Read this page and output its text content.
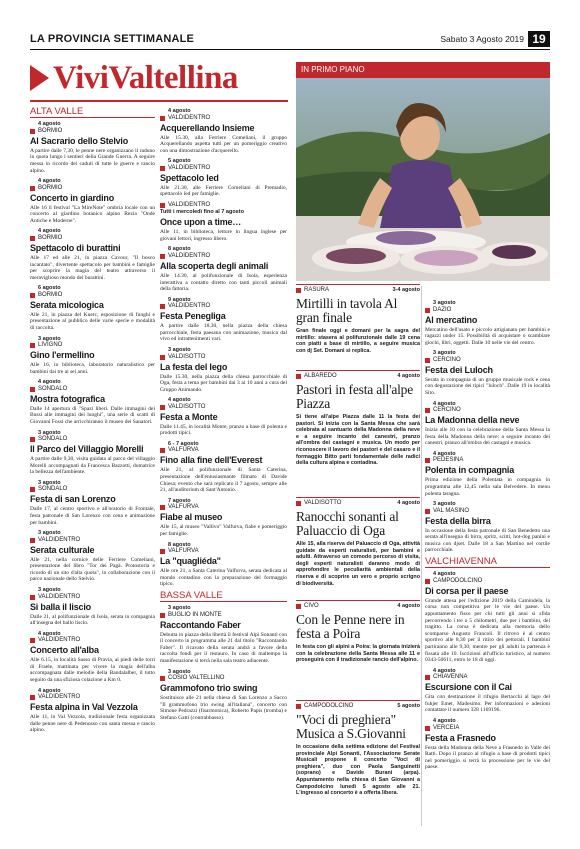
LA PROVINCIA SETTIMANALE	Sabato 3 Agosto 2019 19
Vivi Valtellina
ALTA VALLE
4 agosto
BORMIO
Al Sacrario dello Stelvio

A partire dalle 7,30, le penne nere organizzano il raduno in quota lungo i sentieri della Grande Guerra. A seguire messa in ricordo dei caduti di tutte le guerre e rancio alpino.

4 agosto
BORMIO
Concerto in giardino

Alle 16 il festival "La MireNote" ombria locale con un concerto al giardino botanico alpino Rezia "Onde Antiche e Moderne".

4 agosto
BORMIO
Spettacolo di burattini

Alle 17 ed alle 21, in piazza Cavour, "Il bosco incantato", divertente spettacolo per bambini e famiglie per scoprire la magia del teatro attraverso il meraviglioso mondo dei burattini.

6 agosto
BORMIO
Serata micologica

Alle 21, in piazza del Kuerc, esposizione di funghi e presentazione al pubblico delle varie specie e modalità di raccolta.

3 agosto
LIVIGNO
Gino l'ermellino

Alle 16, in biblioteca, laboratorio naturalistico per bambini dai tre ai sei anni.

4 agosto
SONDALO
Mostra fotografica

Dalle 14 apertura di "Spazi liberi. Dalle immagini dei Bussi alle immagini dei luoghi", una serie di scatti di Giovanni Fossi che arricchiranno il museo dei Sanatori.

3 agosto
SONDALO
Il Parco del Villaggio Morelli

A partire dalle 9,30, visita guidata al parco del villaggio Morelli accompagnati da Francesca Bazzotti, domatrice la bellezza dell'ambiente.

3 agosto
SONDALO
Festa di san Lorenzo

Dalle 17, al centro sportivo e all'oratorio di Frontale, festa patronale di San Lorenzo con cena e animazione per bambini.

3 agosto
VALDIDENTRO
Serata culturale

Alle 21, nella cornice delle Ferriere Comeliani, presentazione del libro "Tor dei Pagà. Protostoria e ricordo di un sito d'alta quota", in collaborazione con il parco nazionale dello Stelvio.

3 agosto
VALDIDENTRO
Si balla il liscio

Dalle 21, al polifunzionale di Isola, serata in compagnia all'insegna del ballo liscio.

4 agosto
VALDIDENTRO
Concerto all'alba

Alle 6.15, in località Sasso di Pravia, ai piedi delle torri di Fraele, mattinata per vivere la magia dell'alba accompagnata dalle melodie della Bandalalber, il tutto seguito da una sfiziosa colazione a Km 0.

4 agosto
VALDIDENTRO
Festa alpina in Val Vezzola

Alle 11, in Val Vezzola, tradizionale festa organizzata dalle penne nere di Pedenosso con santa messa e rancio alpino.

4 agosto
VALDIDENTRO
Acquerellando Insieme

Alle 15.30, alla Ferriere Comeliani, il gruppo Acquerellando aspetta tutti per un pomeriggio creativo con una dimostrazione d'acquerello.

5 agosto
VALDIDENTRO
Spettacolo led

Alle 21.30, alle Ferriere Comeliani di Premadio, spettacolo led per famiglie.

VALDIDENTRO
Tutti i mercoledì fino al 7 agosto
Once upon a time…

Alle 11, in biblioteca, letture in lingua inglese per giovani lettori, ingresso libero.

8 agosto
VALDIDENTRO
Alla scoperta degli animali

Alle 14.30, al polifunzionale di Isola, esperienza interattiva a contatto diretto con tanti piccoli animali della fattoria.

9 agosto
VALDIDENTRO
Festa Penegliga

A partire dalle 18.30, nella piazza della chiesa parrocchiale, festa paesana con animazione, musica dal vivo ed intrattenimenti vari.

3 agosto
VALDISOTTO
La festa del lego

Dalle 15.30, nella piazza della chiesa parrocchiale di Oga, festa a tema per bambini dai 3 ai 10 anni a cura del Gruppo Animando.

4 agosto
VALDISOTTO
Festa a Monte

Dalle 11.45, in località Monte, pranzo a base di polenta e prodotti tipici.

6 - 7 agosto
VALFURVA
Fino alla fine dell'Everest

Alle 21, al polifunzionale di Santa Caterina, presentazione dell'entusiasmante filmato di Davide Chiesa; evento che sarà replicato il 7 agosto, sempre alle 21, all'auditorium di Sant'Antonio.

7 agosto
VALFURVA
Fiabe al museo

Alle 15, al museo "Vallivo" Valfurva, fiabe e pomeriggio per famiglie.

8 agosto
VALFURVA
La "quagliéda"

Alle ore 21, a Santa Caterina Valfurva, serata dedicata al mondo contadino con la preparazione del formaggio tipico.

BASSA VALLE
3 agosto
BUGLIO IN MONTE
Raccontando Faber

Debutta in piazza della libertà il festival Alpi Sonanti con il concerto in programma alle 21 dal titolo "Raccontando Faber". Il ricavato della serata andrà a favore della raccolta fondi per il restauro. In caso di maltempo la manifestazione si terrà nella sala teatro adiacente.

3 agosto
COSIO VALTELLINO
Grammofono trio swing

Sostituisce alle 21 nella chiesa di San Lorenzo a Sacco "Il grammofono trio swing all'italiana", concerto con Simone Pedrazzi (fisarmonica), Roberto Papis (tromba) e Stefano Gatti (contrabbasso).

IN PRIMO PIANO
RASURA	3-4 agosto
Mirtilli in tavola Al gran finale

Gran finale oggi e domani per la sagra del mirtillo: stasera al polifunzionale dalle 19 cena con piatti a base di mirtillo, a seguire musica con dj Set. Domani si replica.

ALBAREDO	4 agosto
Pastori in festa all'alpe Piazza

Si tiene all'alpe Piazza dalle 11 la festa dei pastori. Si inizia con la Santa Messa che sarà celebrata al santuario della Madonna della neve e a seguire incanto dei canestri, pranzo all'ombra dei castagni e musica. Un modo per riconoscere il lavoro dei pastori e del casaro e il formaggio Bitto parti fondamentale delle radici della cultura alpina e contadina.

VALDISOTTO	4 agosto
Ranocchi sonanti al Paluaccio di Oga

Alle 15, alla riserva del Paluaccio di Oga, attività guidate da esperti naturalisti, per bambini e adulti. Attraverso un comodo percorso di visita, degli esperti naturalisti daranno modo di approfondire le peculiarità ambientali della riserva e di scoprire un vero e proprio scrigno di biodiversità.

CIVO	4 agosto
Con le Penne nere in festa a Poira

In festa con gli alpini a Poira: la giornata inizierà con la celebrazione della Santa Messa alle 11 e proseguirà con il tradizionale rancio dell'alpino.

CAMPODOLCINO	5 agosto
"Voci di preghiera" Musica a S.Giovanni

In occasione della settima edizione del Festival provinciale Alpi Sonanti, l'Associazione Serate Musicali propone il concerto "Voci di preghiera", duo con Paola Sanguinetti (soprano) e Davide Burani (arpa). Appuntamento nella chiesa di San Giovanni a Campodolcino lunedì 5 agosto alle 21. L'ingresso al concerto è a offerta libera.

3 agosto
DAZIO
Al mercatino

Mercatino dell'usato e piccolo artigianato per bambini e ragazzi under 15. Possibilità di acquistare o scambiare giochi, libri, oggetti. Dalle 10 nelle vie del centro.

3 agosto
CERCINO
Festa dei Luloch

Serata in compagnia di un gruppo musicale rock e cena con degustazione dei tipici "luloch". Dalle 19 in località Sito.

4 agosto
CERCINO
La Madonna della neve

Inizia alle 10 con la celebrazione della Santa Messa la festa della Madonna della neve; a seguire incanto dei canestri, pranzo all'ombra dei castagni e musica.

4 agosto
PEDESINA
Polenta in compagnia

Prima edizione della Polentata in compagnia in programma alle 12,45 nella sala Belvedere. In menu polenta taragna.

3 agosto
VAL MASINO
Festa della birra

In occasione della festa patronale di San Benedetto una serata all'insegna di birra, spritz, scitti, hot-dog panini e musica con djset. Dalle 18 a San Martino nel cortile parrocchiale.

VALCHIAVENNA
4 agosto
CAMPODOLCINO
Di corsa per il paese

Grande attesa per l'edizione 2019 della Camindela, la corsa non competitiva per le vie del paese. Un appuntamento fisso per chi tutti gli anni si sfida percorrendo i tre o 5 chilometri, due per i bambini, del tragitto. La corsa è dedicata alla memoria dello scomparso Augusto Francoli. Il ritrovo è al centro sportivo alle 8,30 per il ritiro dei pettorali. I bambini partiranno alle 9,30, mentre per gli adulti la partenza è fissata alle 10. Iscrizioni all'ufficio turistico, al numero 0343-50611, entro le 18 di oggi.

4 agosto
CHIAVENNA
Escursione con il Cai

Gita con destinazione il rifugio Bertacchi al lago del fuhjer Emet, Madesimo. Per informazioni e adesioni contattare il numero 328 1169196.

4 agosto
VERCEIA
Festa a Frasnedo

Festa della Madonna della Neve a Frasnedo in Valle dei Ratti. Dopo il pranzo al rifugio a base di prodotti tipici nel pomeriggio si terrà la processione per le vie del paese.
